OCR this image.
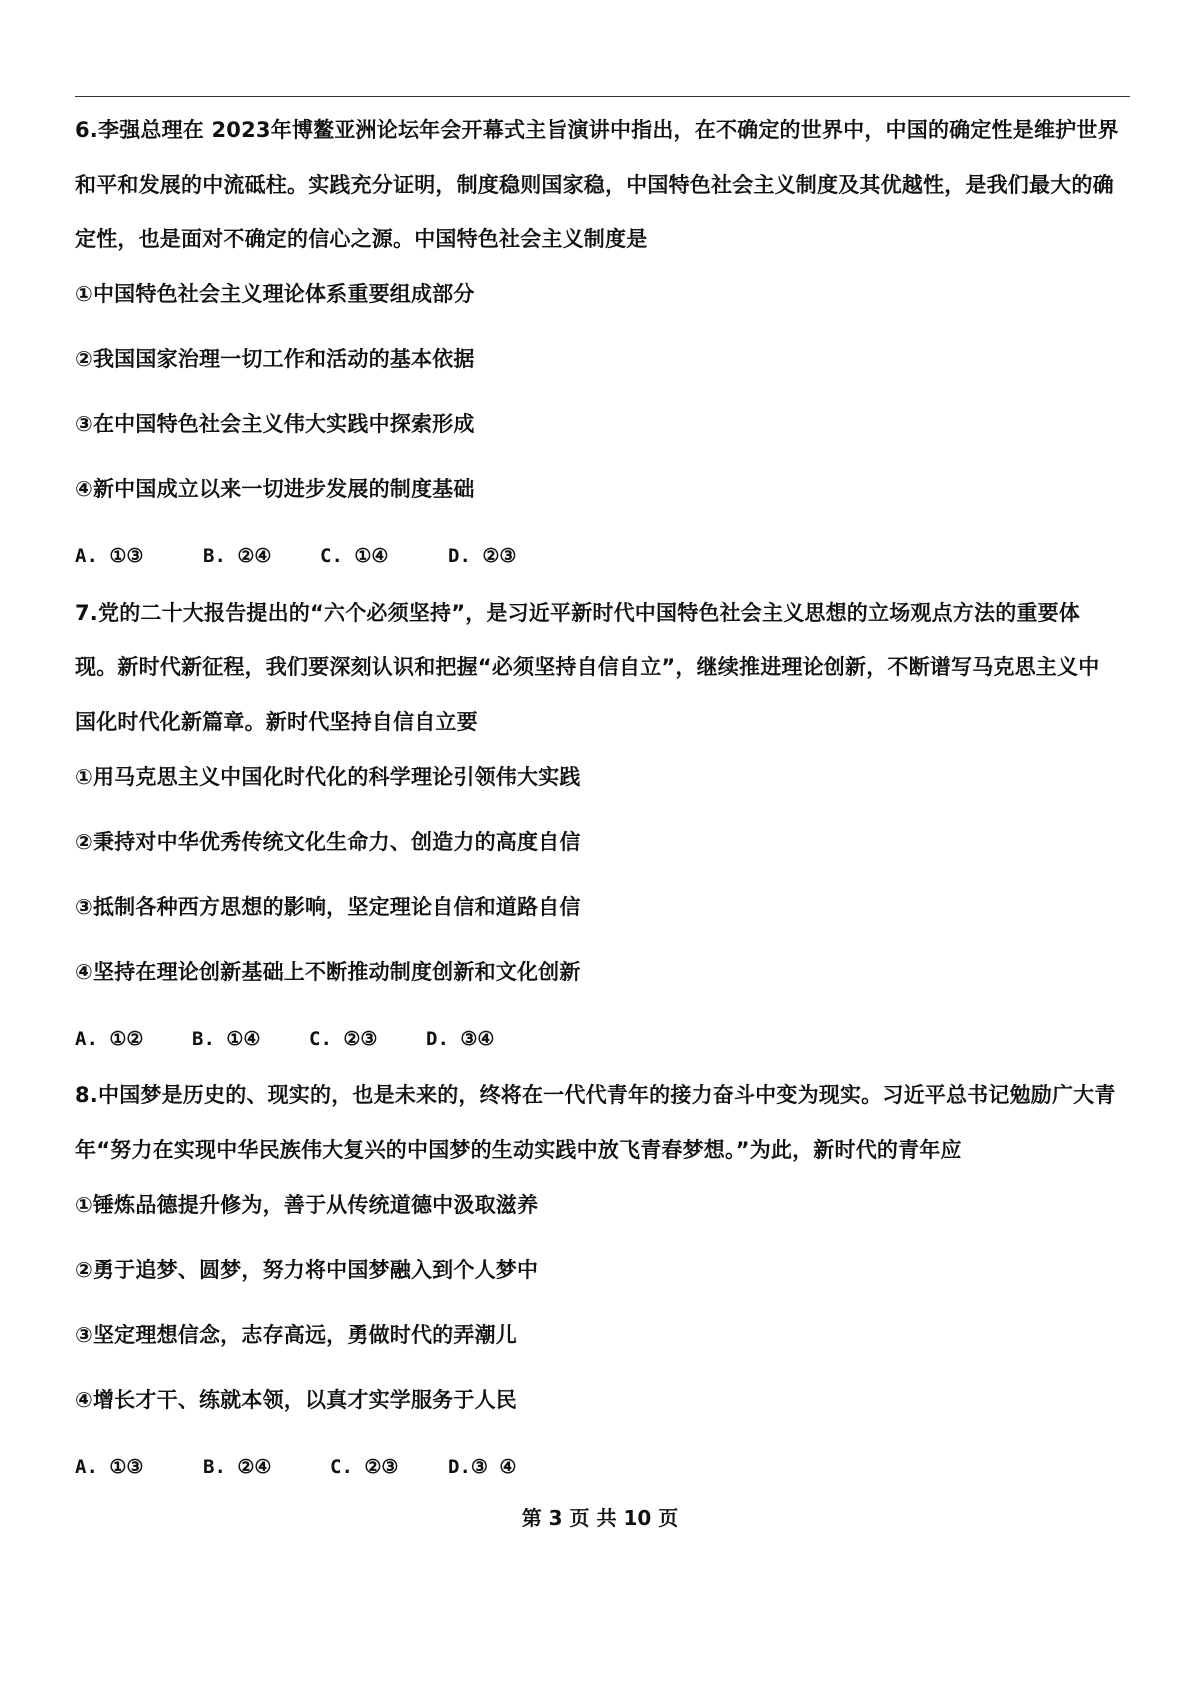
6.李强总理在 2023年博鳌亚洲论坛年会开幕式主旨演讲中指出，在不确定的世界中，中国的确定性是维护世界
和平和发展的中流砥柱。实践充分证明，制度稳则国家稳，中国特色社会主义制度及其优越性，是我们最大的确
定性，也是面对不确定的信心之源。中国特色社会主义制度是
①中国特色社会主义理论体系重要组成部分
②我国国家治理一切工作和活动的基本依据
③在中国特色社会主义伟大实践中探索形成
④新中国成立以来一切进步发展的制度基础
A. ①③	B. ②④	C. ①④	D. ②③
7.党的二十大报告提出的“六个必须坚持”，是习近平新时代中国特色社会主义思想的立场观点方法的重要体
现。新时代新征程，我们要深刻认识和把握“必须坚持自信自立”，继续推进理论创新，不断谱写马克思主义中
国化时代化新篇章。新时代坚持自信自立要
①用马克思主义中国化时代化的科学理论引领伟大实践
②秉持对中华优秀传统文化生命力、创造力的高度自信
③抵制各种西方思想的影响，坚定理论自信和道路自信
④坚持在理论创新基础上不断推动制度创新和文化创新
A. ①②	B. ①④	C. ②③	D. ③④
8.中国梦是历史的、现实的，也是未来的，终将在一代代青年的接力奋斗中变为现实。习近平总书记勉励广大青
年“努力在实现中华民族伟大复兴的中国梦的生动实践中放飞青春梦想。”为此，新时代的青年应
①锤炼品德提升修为，善于从传统道德中汲取滋养
②勇于追梦、圆梦，努力将中国梦融入到个人梦中
③坚定理想信念，志存高远，勇做时代的弄潮儿
④增长才干、练就本领，以真才实学服务于人民
A. ①③	B. ②④	C. ②③	D.③ ④
第 3 页 共 10 页
